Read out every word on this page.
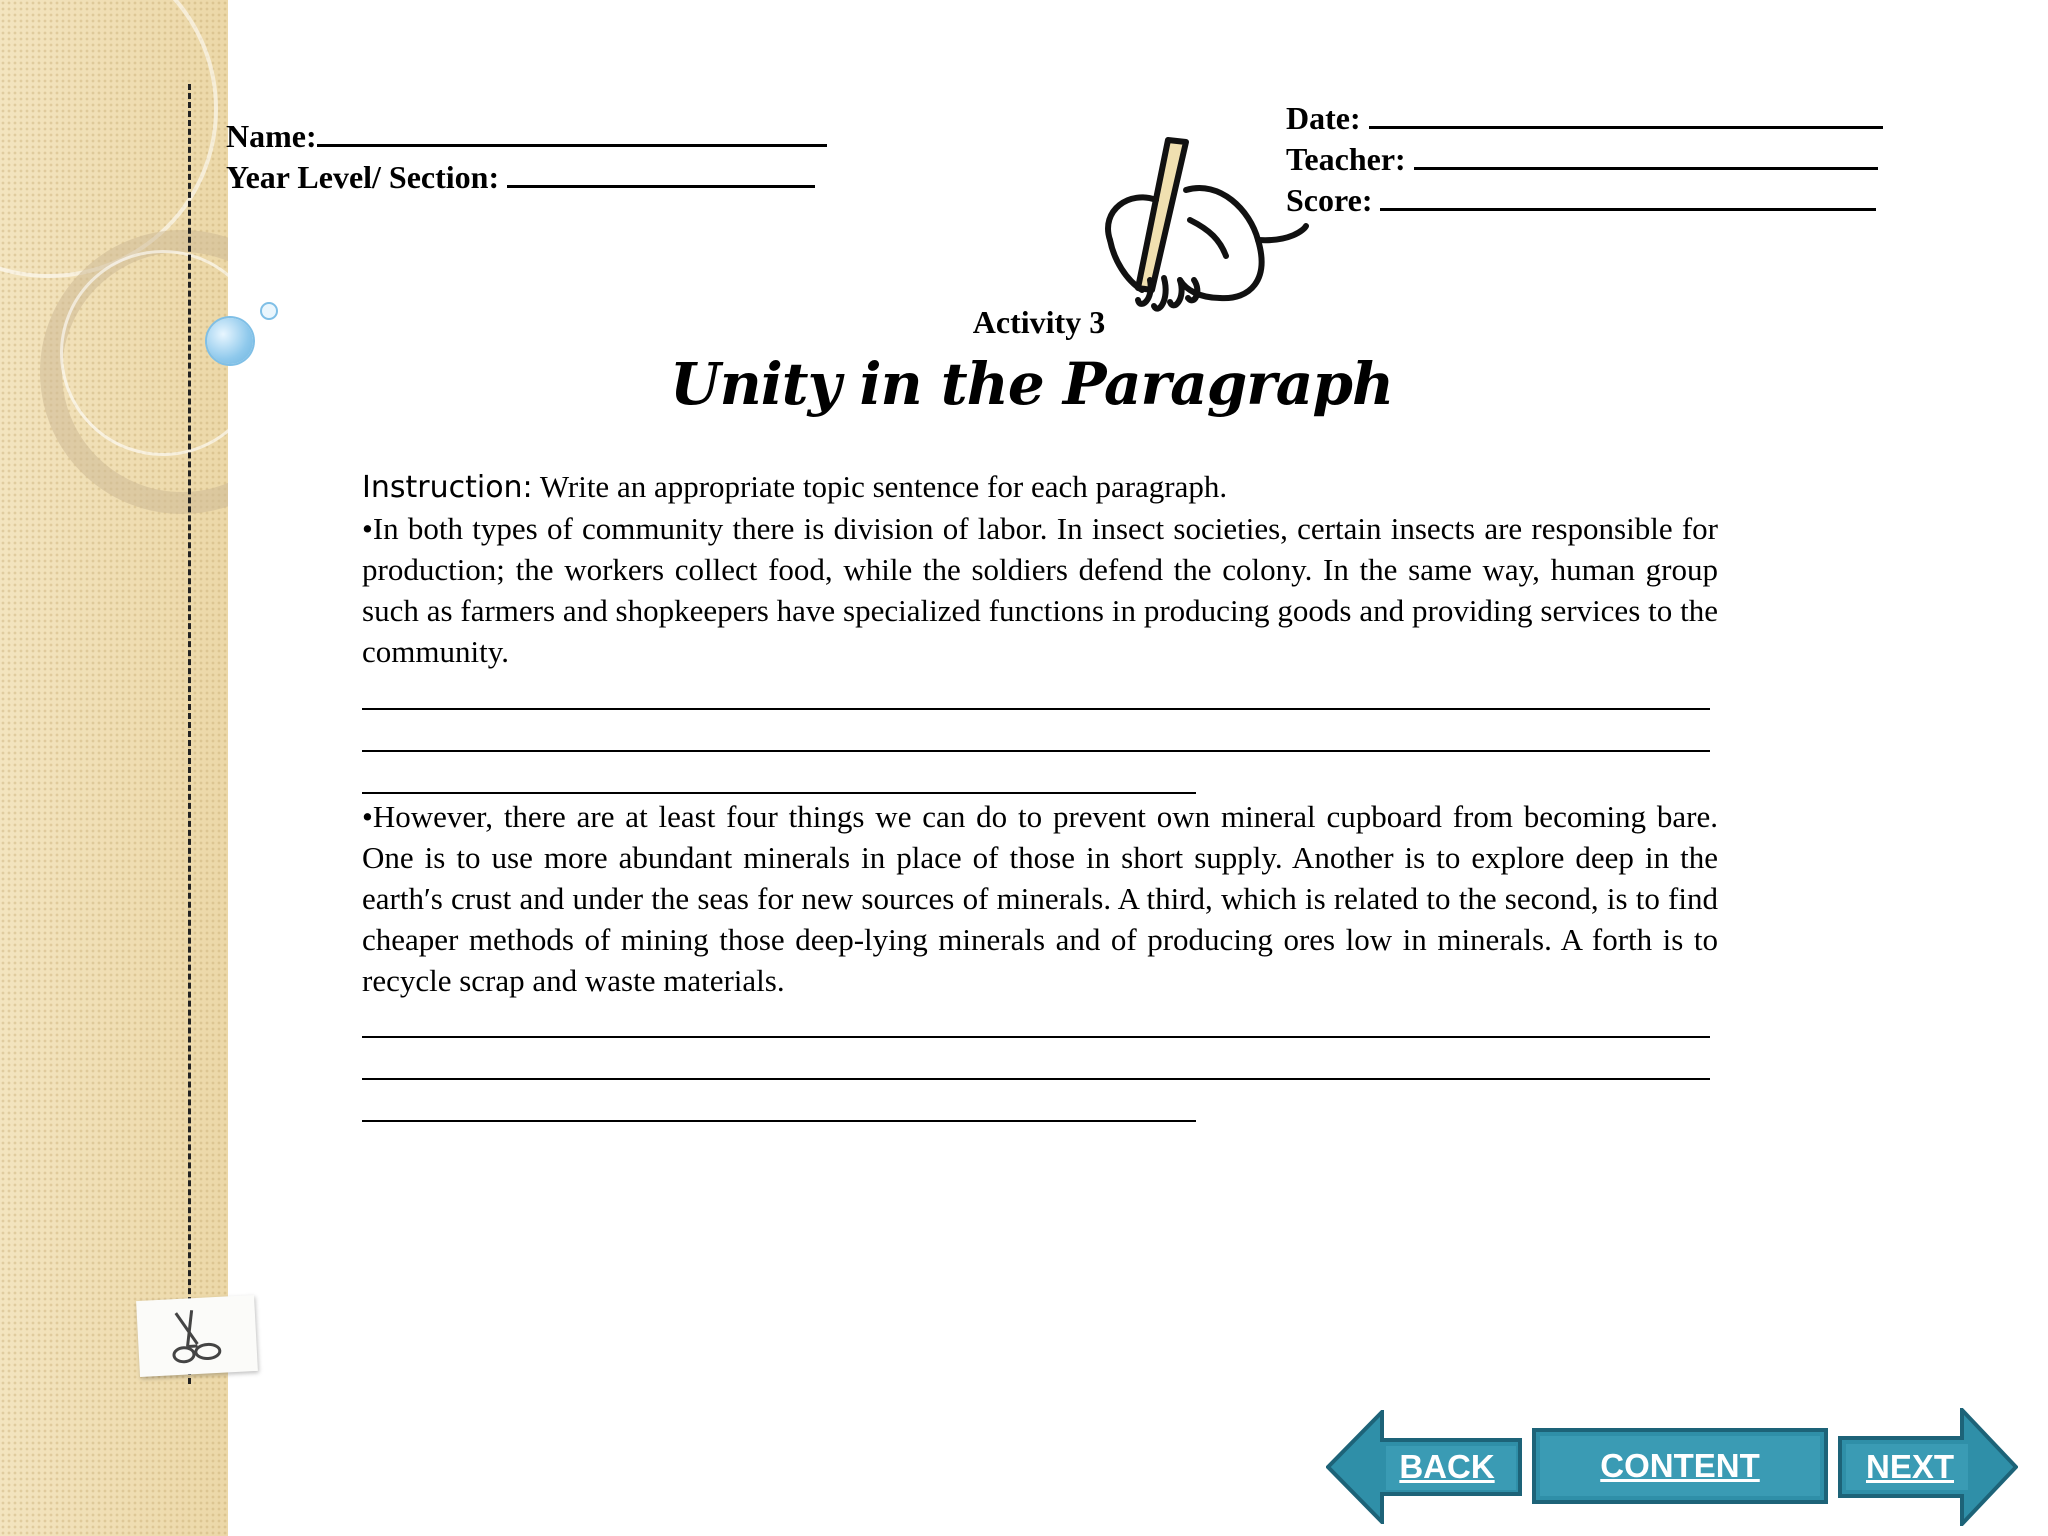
Name:
Year Level/ Section:
Date:
Teacher:
Score:
Activity 3
Unity in the Paragraph
Instruction: Write an appropriate topic sentence for each paragraph.

•In both types of community there is division of labor. In insect societies, certain insects are responsible for production; the workers collect food, while the soldiers defend the colony. In the same way, human group such as farmers and shopkeepers have specialized functions in producing goods and providing services to the community.

•However, there are at least four things we can do to prevent own mineral cupboard from becoming bare. One is to use more abundant minerals in place of those in short supply. Another is to explore deep in the earth′s crust and under the seas for new sources of minerals. A third, which is related to the second, is to find cheaper methods of mining those deep-lying minerals and of producing ores low in minerals. A forth is to recycle scrap and waste materials.

BACK	CONTENT	NEXT
